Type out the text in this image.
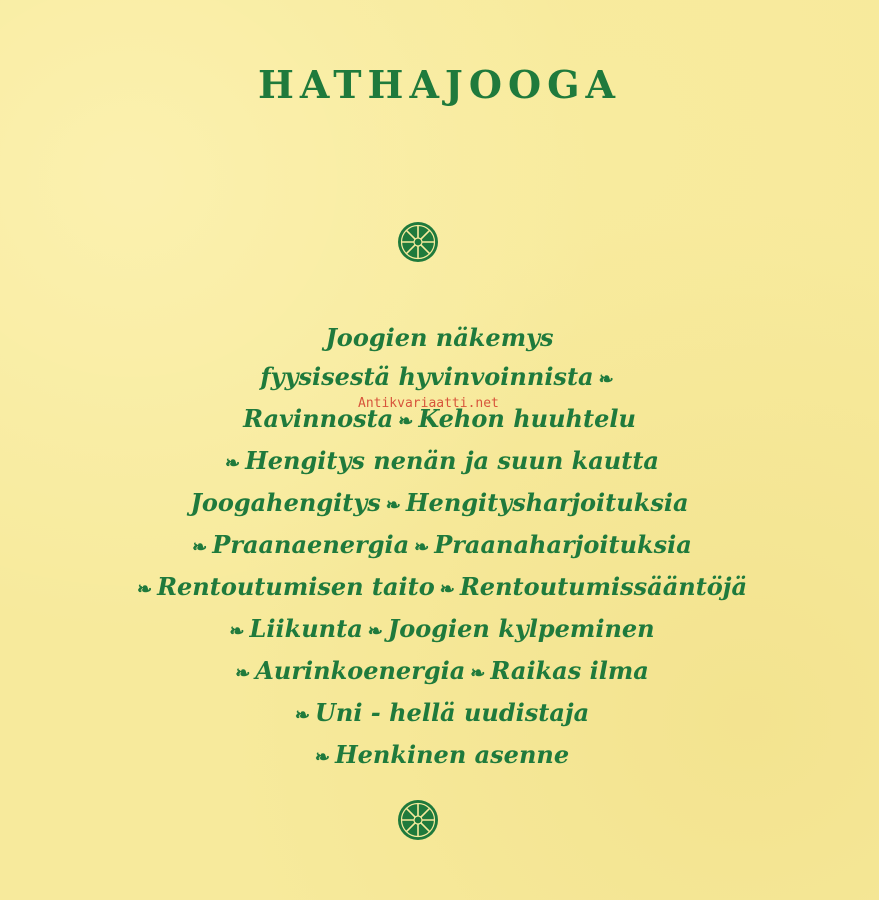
HATHAJOOGA
Joogien näkemys
fyysisestä hyvinvoinnista ❧
Ravinnosta ❧ Kehon huuhtelu
❧ Hengitys nenän ja suun kautta
Joogahengitys ❧ Hengitysharjoituksia
❧ Praanaenergia ❧ Praanaharjoituksia
❧ Rentoutumisen taito ❧ Rentoutumissääntöjä
❧ Liikunta ❧ Joogien kylpeminen
❧ Aurinkoenergia ❧ Raikas ilma
❧ Uni - hellä uudistaja
❧ Henkinen asenne
Antikvariaatti.net
